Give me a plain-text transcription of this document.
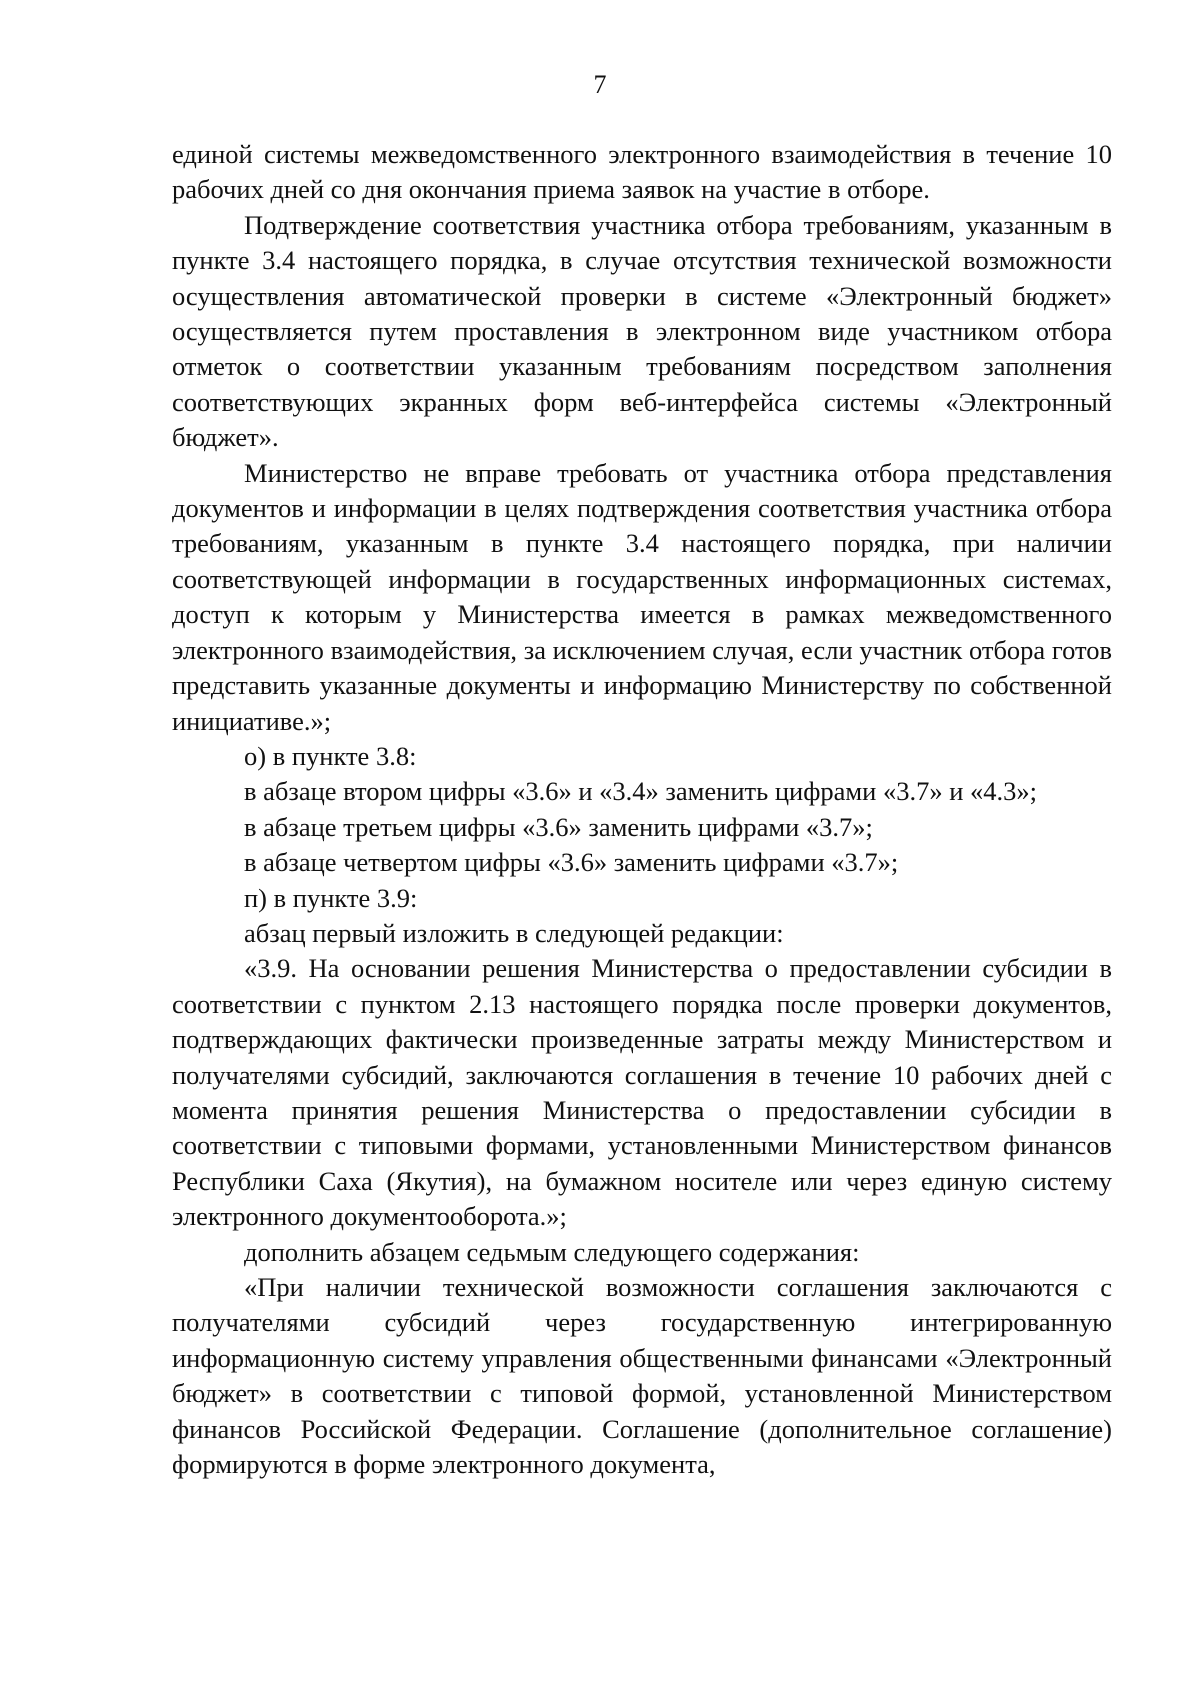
7

единой системы межведомственного электронного взаимодействия в течение 10 рабочих дней со дня окончания приема заявок на участие в отборе.

Подтверждение соответствия участника отбора требованиям, указанным в пункте 3.4 настоящего порядка, в случае отсутствия технической возможности осуществления автоматической проверки в системе «Электронный бюджет» осуществляется путем проставления в электронном виде участником отбора отметок о соответствии указанным требованиям посредством заполнения соответствующих экранных форм веб-интерфейса системы «Электронный бюджет».

Министерство не вправе требовать от участника отбора представления документов и информации в целях подтверждения соответствия участника отбора требованиям, указанным в пункте 3.4 настоящего порядка, при наличии соответствующей информации в государственных информационных системах, доступ к которым у Министерства имеется в рамках межведомственного электронного взаимодействия, за исключением случая, если участник отбора готов представить указанные документы и информацию Министерству по собственной инициативе.»;

о) в пункте 3.8:

в абзаце втором цифры «3.6» и «3.4» заменить цифрами «3.7» и «4.3»;

в абзаце третьем цифры «3.6» заменить цифрами «3.7»;

в абзаце четвертом цифры «3.6» заменить цифрами «3.7»;

п) в пункте 3.9:

абзац первый изложить в следующей редакции:

«3.9. На основании решения Министерства о предоставлении субсидии в соответствии с пунктом 2.13 настоящего порядка после проверки документов, подтверждающих фактически произведенные затраты между Министерством и получателями субсидий, заключаются соглашения в течение 10 рабочих дней с момента принятия решения Министерства о предоставлении субсидии в соответствии с типовыми формами, установленными Министерством финансов Республики Саха (Якутия), на бумажном носителе или через единую систему электронного документооборота.»;

дополнить абзацем седьмым следующего содержания:

«При наличии технической возможности соглашения заключаются с получателями субсидий через государственную интегрированную информационную систему управления общественными финансами «Электронный бюджет» в соответствии с типовой формой, установленной Министерством финансов Российской Федерации. Соглашение (дополнительное соглашение) формируются в форме электронного документа,
